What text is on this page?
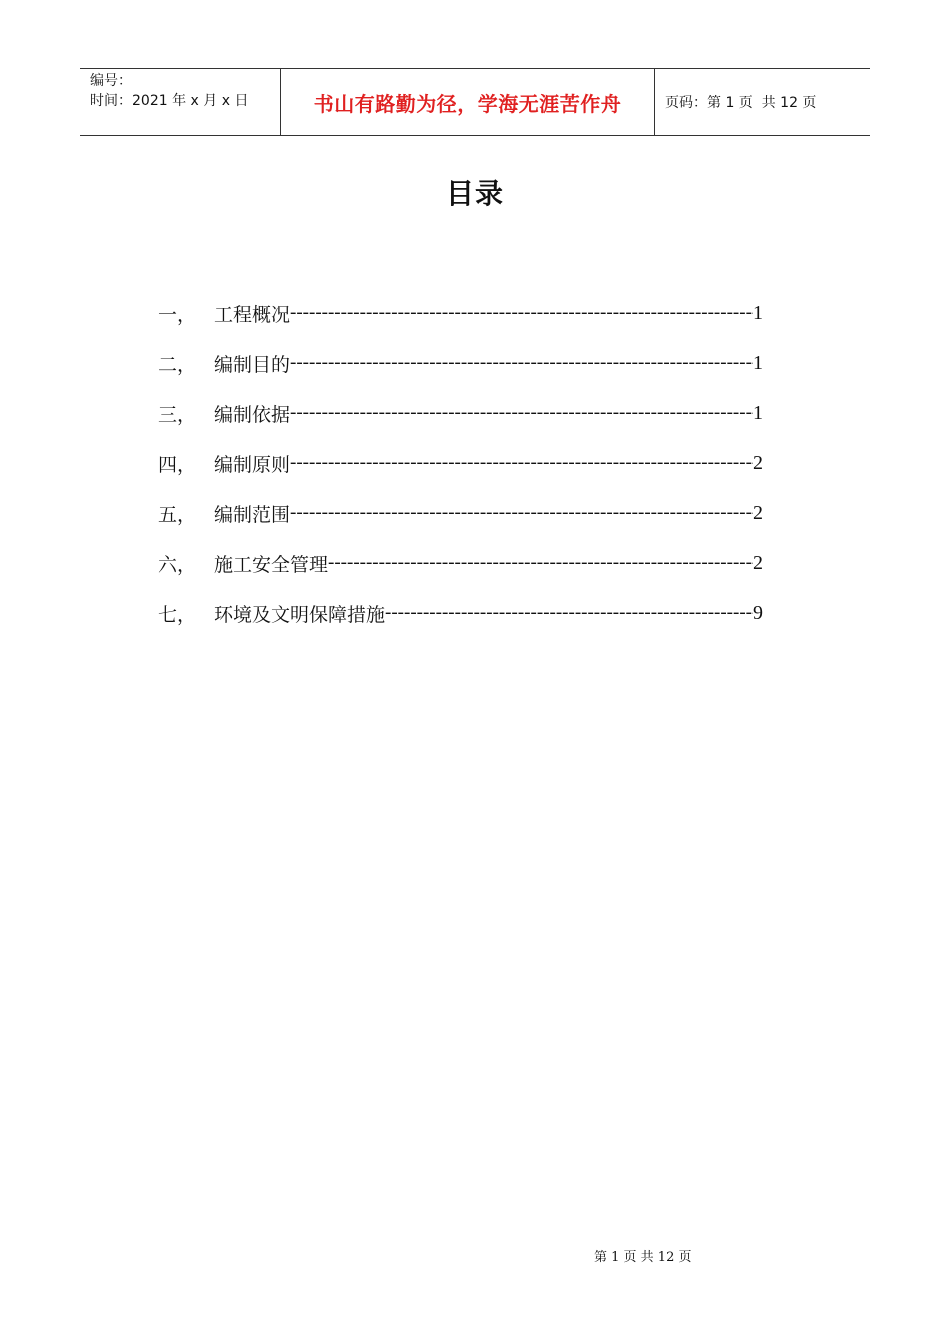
编号：
时间：2021 年 x 月 x 日	书山有路勤为径，学海无涯苦作舟	页码：第 1 页  共 12 页
目录
一， 工程概况 -----	1
二， 编制目的 -----	1
三， 编制依据 -----	1
四， 编制原则 -----	2
五， 编制范围 -----	2
六， 施工安全管理 -----	2
七， 环境及文明保障措施 -----	9
第 1 页 共 12 页
